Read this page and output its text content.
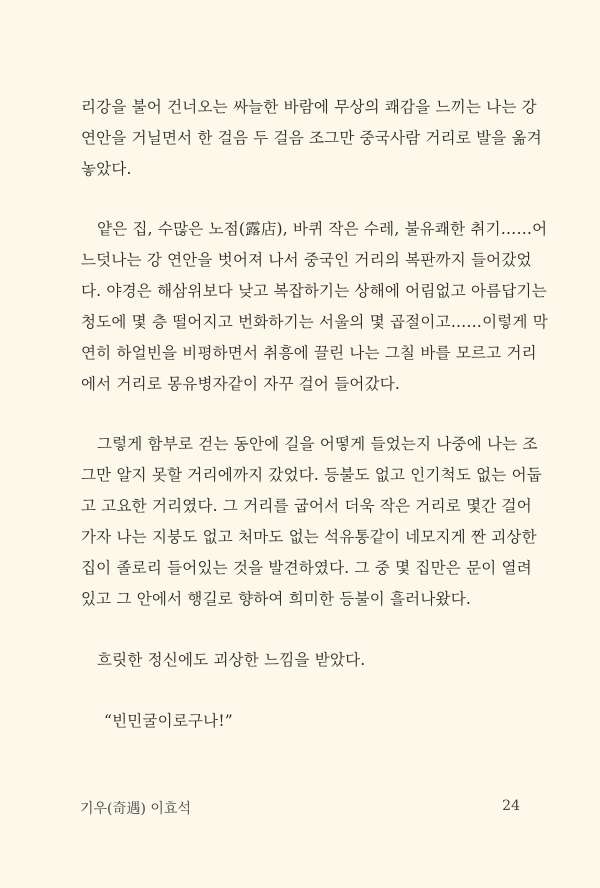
리강을 불어 건너오는 싸늘한 바람에 무상의 쾌감을 느끼는 나는 강
연안을 거닐면서 한 걸음 두 걸음 조그만 중국사람 거리로 발을 옮겨
놓았다.
얕은 집, 수많은 노점(露店), 바퀴 작은 수레, 불유쾌한 취기……어
느덧나는 강 연안을 벗어져 나서 중국인 거리의 복판까지 들어갔었
다. 야경은 해삼위보다 낮고 복잡하기는 상해에 어림없고 아름답기는
청도에 몇 층 떨어지고 번화하기는 서울의 몇 곱절이고……이렇게 막
연히 하얼빈을 비평하면서 취흥에 끌린 나는 그칠 바를 모르고 거리
에서 거리로 몽유병자같이 자꾸 걸어 들어갔다.
그렇게 함부로 걷는 동안에 길을 어떻게 들었는지 나중에 나는 조
그만 알지 못할 거리에까지 갔었다. 등불도 없고 인기척도 없는 어둡
고 고요한 거리였다. 그 거리를 굽어서 더욱 작은 거리로 몇간 걸어
가자 나는 지붕도 없고 처마도 없는 석유통같이 네모지게 짠 괴상한
집이 졸로리 들어있는 것을 발견하였다. 그 중 몇 집만은 문이 열려
있고 그 안에서 행길로 향하여 희미한 등불이 흘러나왔다.
흐릿한 정신에도 괴상한 느낌을 받았다.
“빈민굴이로구나!”
기우(奇遇) 이효석	24
